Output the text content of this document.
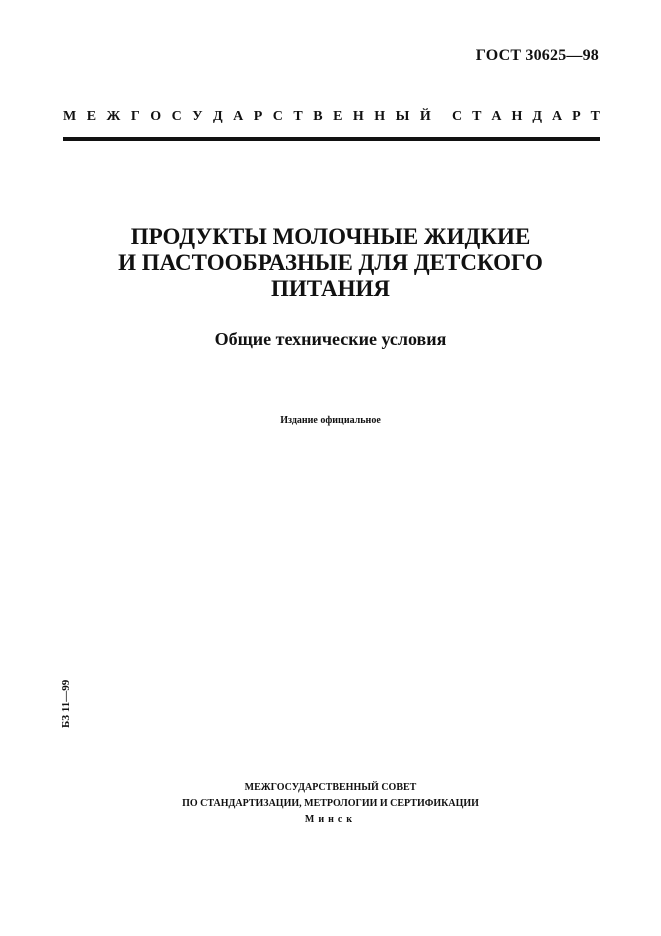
ГОСТ 30625—98
М Е Ж Г О С У Д А Р С Т В Е Н Н Ы Й С Т А Н Д А Р Т
ПРОДУКТЫ МОЛОЧНЫЕ ЖИДКИЕ
И ПАСТООБРАЗНЫЕ ДЛЯ ДЕТСКОГО
ПИТАНИЯ
Общие технические условия
Издание официальное
БЗ 11—99
МЕЖГОСУДАРСТВЕННЫЙ СОВЕТ
ПО СТАНДАРТИЗАЦИИ, МЕТРОЛОГИИ И СЕРТИФИКАЦИИ
Минск
